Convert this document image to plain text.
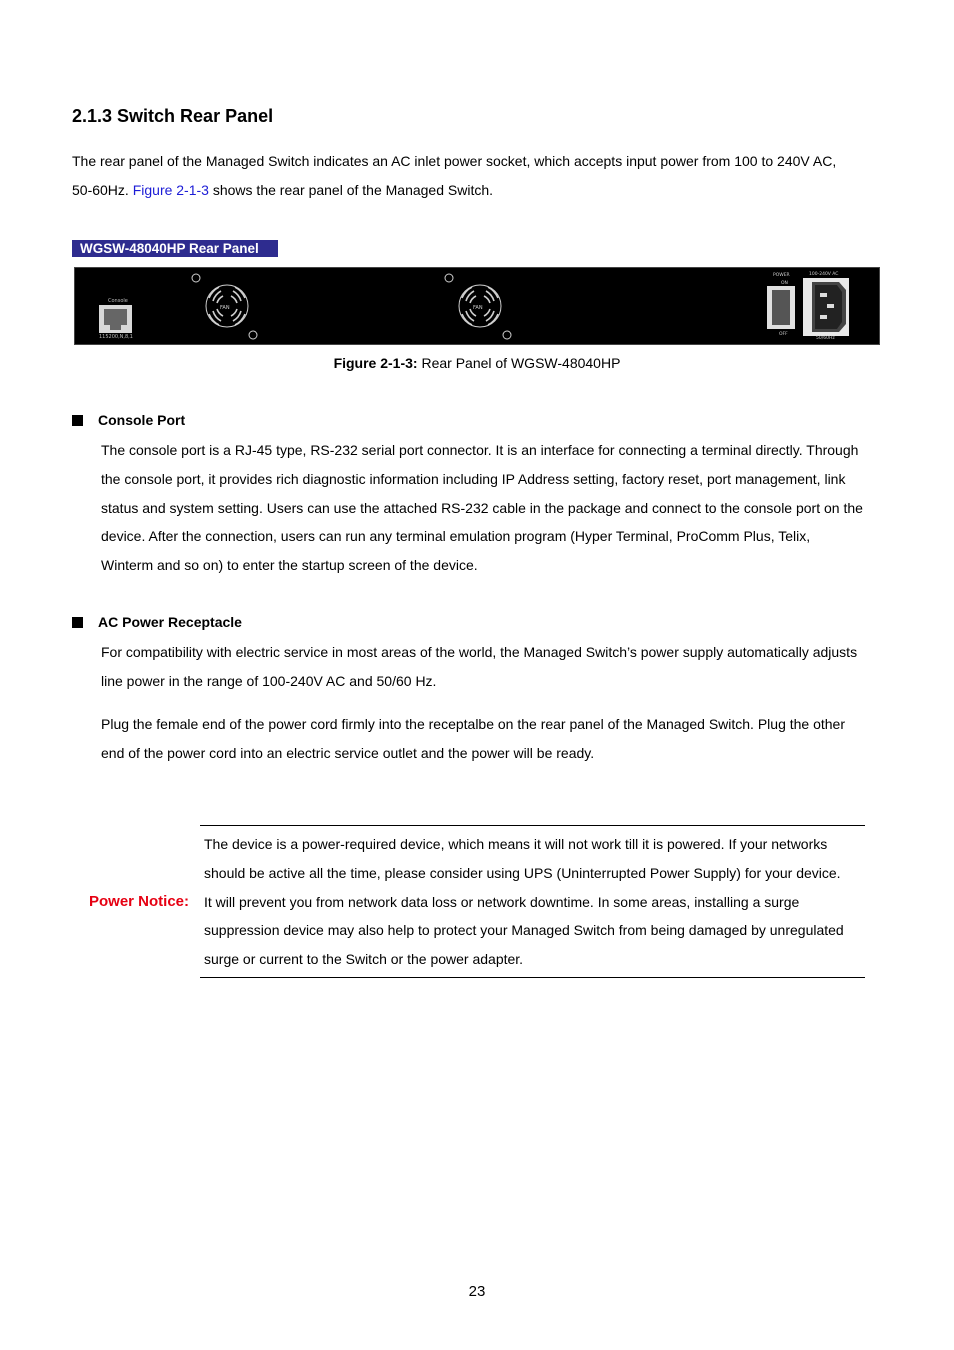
2.1.3 Switch Rear Panel
The rear panel of the Managed Switch indicates an AC inlet power socket, which accepts input power from 100 to 240V AC,
50-60Hz. Figure 2-1-3 shows the rear panel of the Managed Switch.
WGSW-48040HP Rear Panel
Console
115200,N,8,1
FAN	FAN
POWER
ON
OFF
100-240V AC
50/60Hz
Figure 2-1-3: Rear Panel of WGSW-48040HP
Console Port
The console port is a RJ-45 type, RS-232 serial port connector. It is an interface for connecting a terminal directly. Through
the console port, it provides rich diagnostic information including IP Address setting, factory reset, port management, link
status and system setting. Users can use the attached RS-232 cable in the package and connect to the console port on the
device. After the connection, users can run any terminal emulation program (Hyper Terminal, ProComm Plus, Telix,
Winterm and so on) to enter the startup screen of the device.
AC Power Receptacle
For compatibility with electric service in most areas of the world, the Managed Switch’s power supply automatically adjusts
line power in the range of 100-240V AC and 50/60 Hz.
Plug the female end of the power cord firmly into the receptalbe on the rear panel of the Managed Switch. Plug the other
end of the power cord into an electric service outlet and the power will be ready.
Power Notice:
The device is a power-required device, which means it will not work till it is powered. If your networks
should be active all the time, please consider using UPS (Uninterrupted Power Supply) for your device.
It will prevent you from network data loss or network downtime. In some areas, installing a surge
suppression device may also help to protect your Managed Switch from being damaged by unregulated
surge or current to the Switch or the power adapter.
23
